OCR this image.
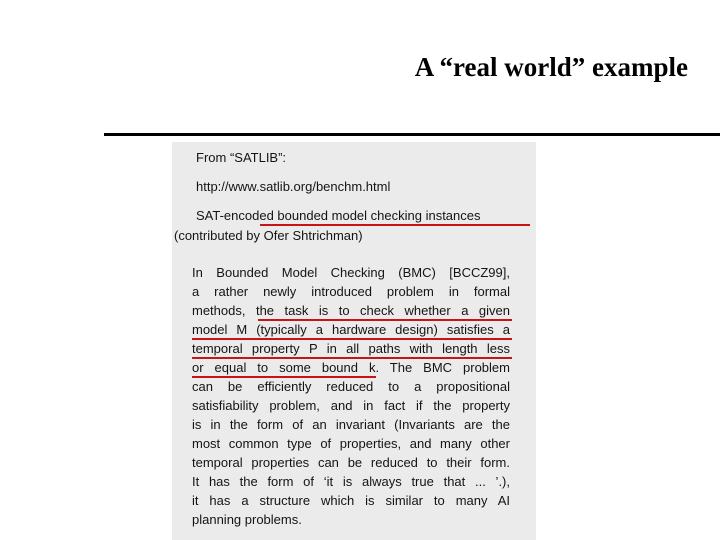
A “real world” example
From “SATLIB”:
http://www.satlib.org/benchm.html
SAT-encoded bounded model checking instances
(contributed by Ofer Shtrichman)
In Bounded Model Checking (BMC) [BCCZ99],
a rather newly introduced problem in formal
methods, the task is to check whether a given
model M (typically a hardware design) satisfies a
temporal property P in all paths with length less
or equal to some bound k. The BMC problem
can be efficiently reduced to a propositional
satisfiability problem, and in fact if the property
is in the form of an invariant (Invariants are the
most common type of properties, and many other
temporal properties can be reduced to their form.
It has the form of ‘it is always true that ... ’.),
it has a structure which is similar to many AI
planning problems.
